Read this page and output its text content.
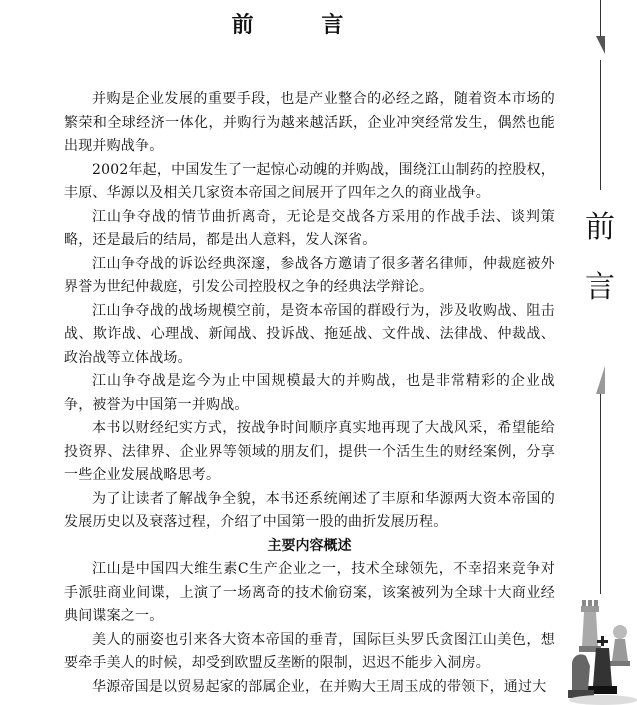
前 言

并购是企业发展的重要手段，也是产业整合的必经之路，随着资本市场的繁荣和全球经济一体化，并购行为越来越活跃，企业冲突经常发生，偶然也能出现并购战争。

2002年起，中国发生了一起惊心动魄的并购战，围绕江山制药的控股权，丰原、华源以及相关几家资本帝国之间展开了四年之久的商业战争。

江山争夺战的情节曲折离奇，无论是交战各方采用的作战手法、谈判策略，还是最后的结局，都是出人意料，发人深省。

江山争夺战的诉讼经典深邃，参战各方邀请了很多著名律师，仲裁庭被外界誉为世纪仲裁庭，引发公司控股权之争的经典法学辩论。

江山争夺战的战场规模空前，是资本帝国的群殴行为，涉及收购战、阻击战、欺诈战、心理战、新闻战、投诉战、拖延战、文件战、法律战、仲裁战、政治战等立体战场。

江山争夺战是迄今为止中国规模最大的并购战，也是非常精彩的企业战争，被誉为中国第一并购战。

本书以财经纪实方式，按战争时间顺序真实地再现了大战风采，希望能给投资界、法律界、企业界等领域的朋友们，提供一个活生生的财经案例，分享一些企业发展战略思考。

为了让读者了解战争全貌，本书还系统阐述了丰原和华源两大资本帝国的发展历史以及衰落过程，介绍了中国第一股的曲折发展历程。

主要内容概述

江山是中国四大维生素C生产企业之一，技术全球领先，不幸招来竞争对手派驻商业间谍，上演了一场离奇的技术偷窃案，该案被列为全球十大商业经典间谍案之一。

美人的丽姿也引来各大资本帝国的垂青，国际巨头罗氏贪图江山美色，想要牵手美人的时候，却受到欧盟反垄断的限制，迟迟不能步入洞房。

华源帝国是以贸易起家的部属企业，在并购大王周玉成的带领下，通过大

前
言
